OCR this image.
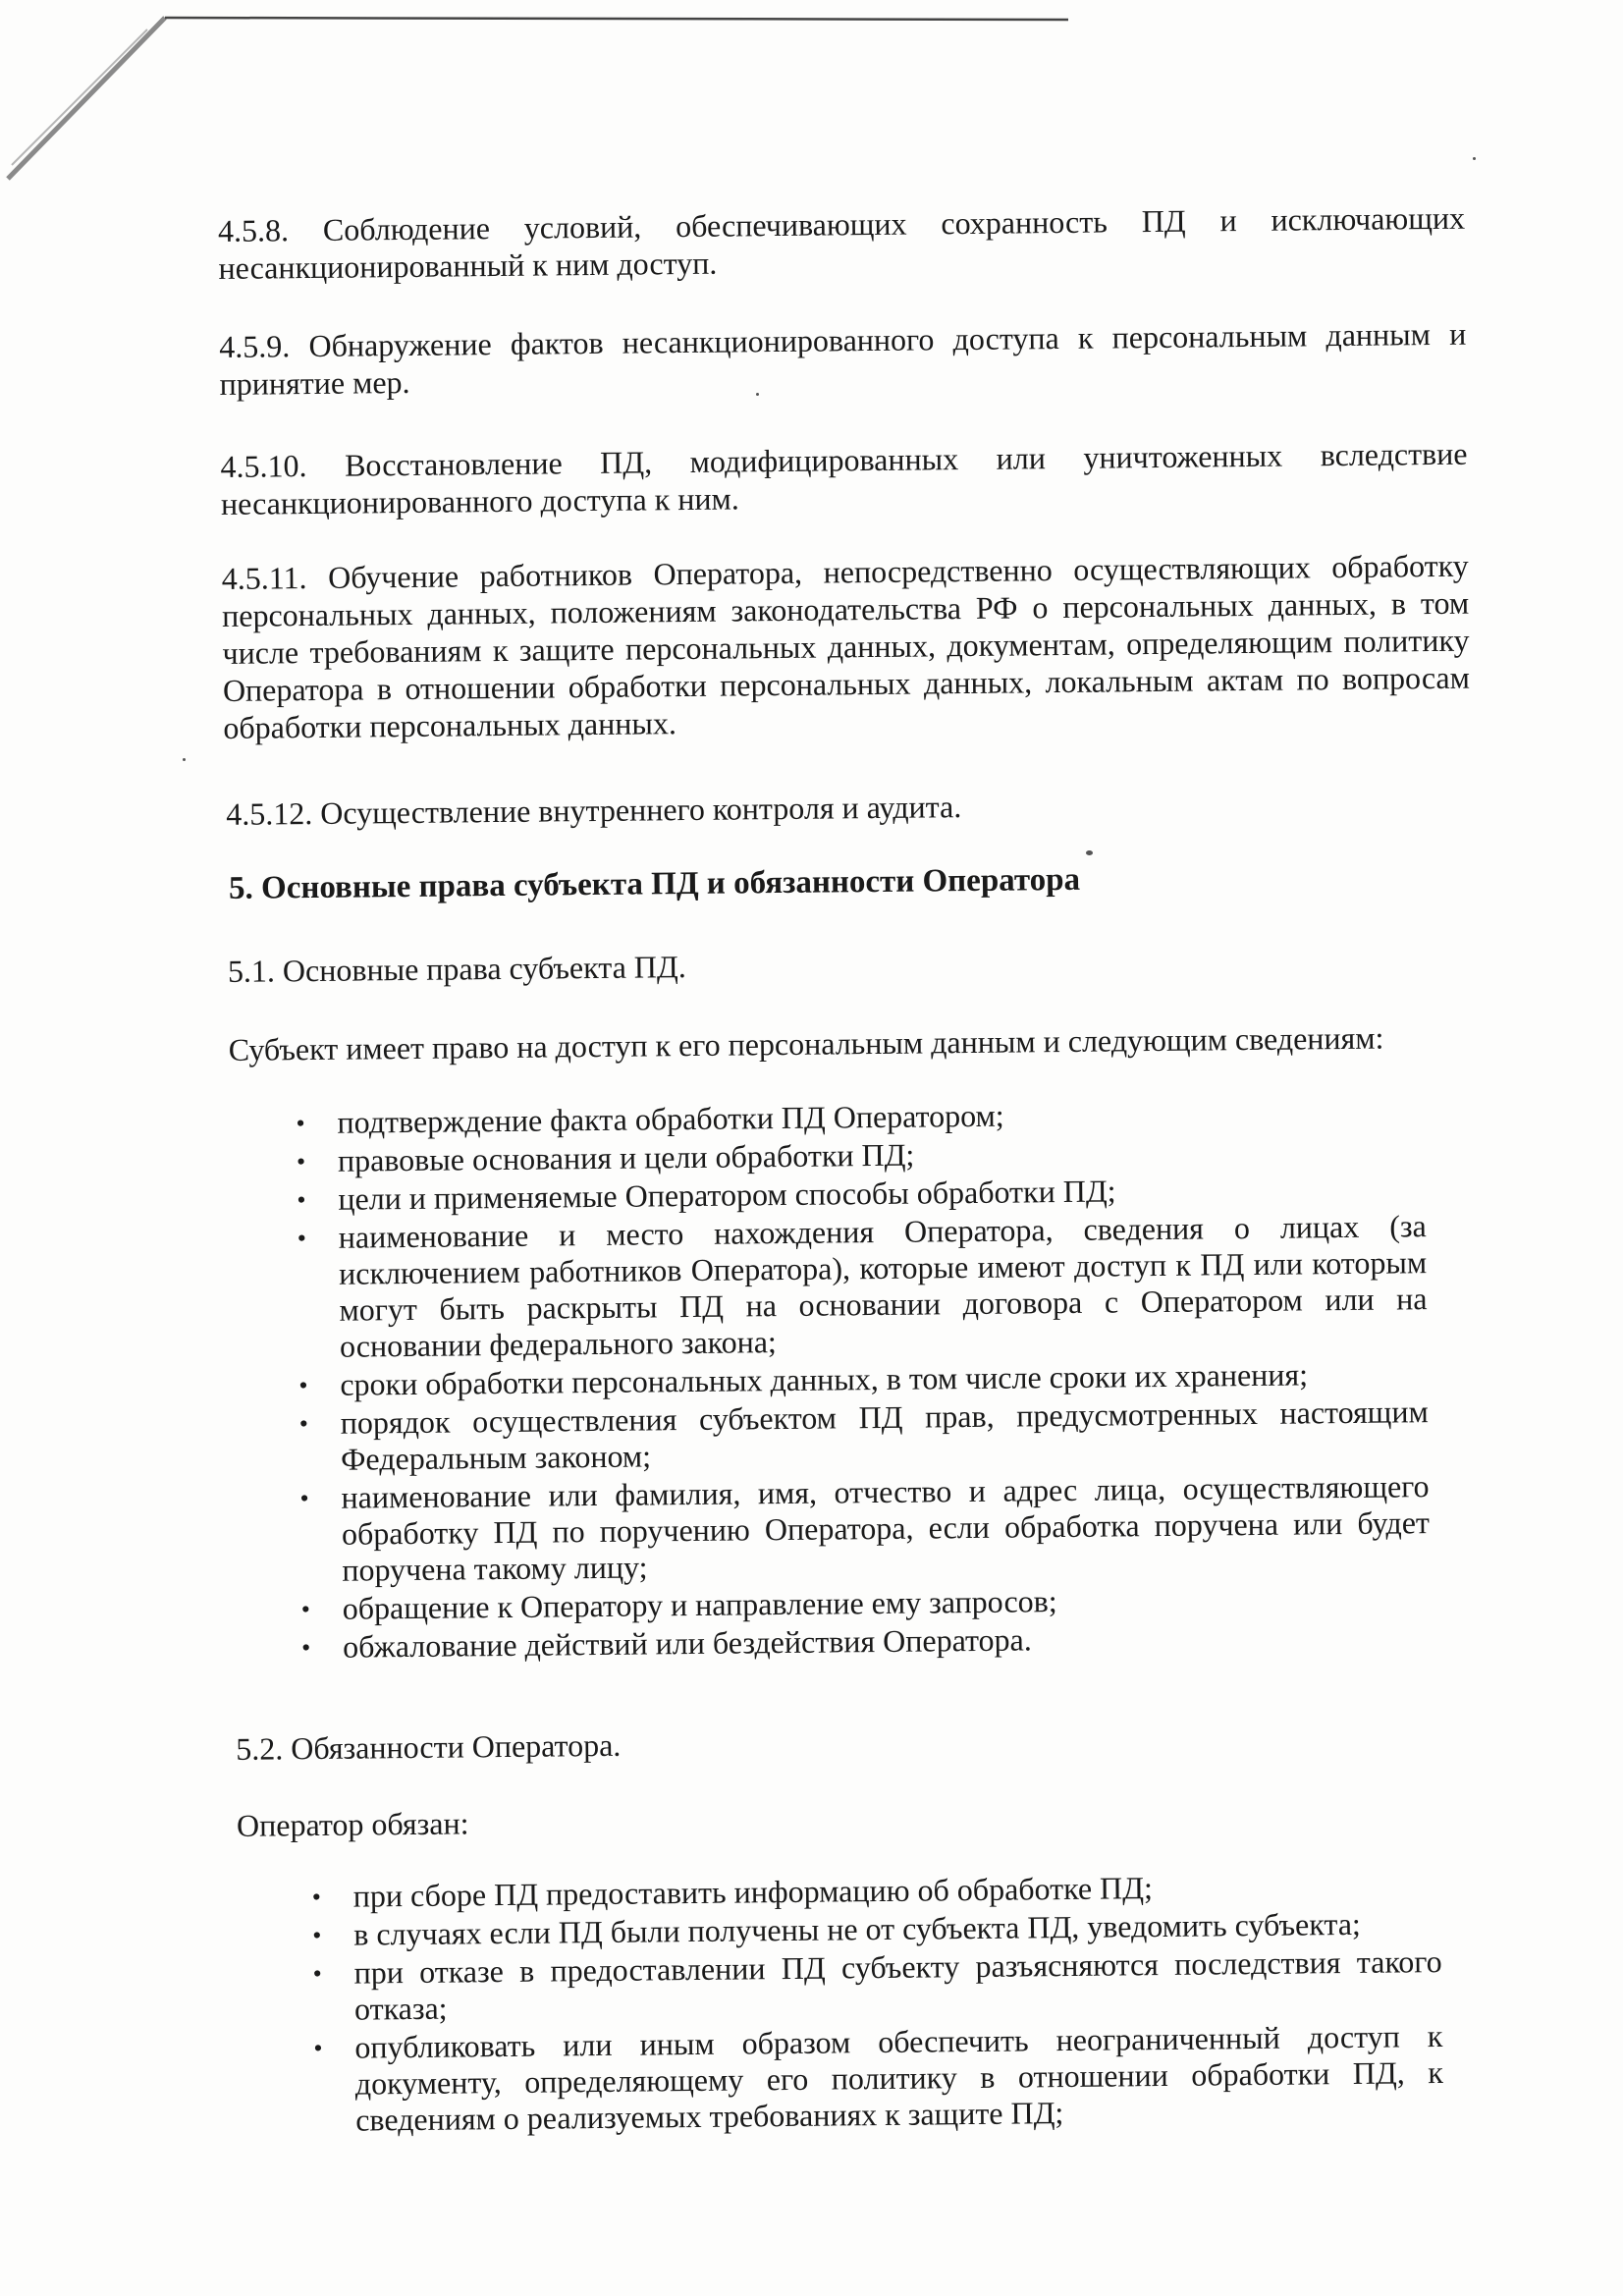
4.5.8. Соблюдение условий, обеспечивающих сохранность ПД и исключающих несанкционированный к ним доступ.
4.5.9. Обнаружение фактов несанкционированного доступа к персональным данным и принятие мер.
4.5.10. Восстановление ПД, модифицированных или уничтоженных вследствие несанкционированного доступа к ним.
4.5.11. Обучение работников Оператора, непосредственно осуществляющих обработку персональных данных, положениям законодательства РФ о персональных данных, в том числе требованиям к защите персональных данных, документам, определяющим политику Оператора в отношении обработки персональных данных, локальным актам по вопросам обработки персональных данных.
4.5.12. Осуществление внутреннего контроля и аудита.
5. Основные права субъекта ПД и обязанности Оператора
5.1. Основные права субъекта ПД.
Субъект имеет право на доступ к его персональным данным и следующим сведениям:
• подтверждение факта обработки ПД Оператором;
• правовые основания и цели обработки ПД;
• цели и применяемые Оператором способы обработки ПД;
• наименование и место нахождения Оператора, сведения о лицах (за исключением работников Оператора), которые имеют доступ к ПД или которым могут быть раскрыты ПД на основании договора с Оператором или на основании федерального закона;
• сроки обработки персональных данных, в том числе сроки их хранения;
• порядок осуществления субъектом ПД прав, предусмотренных настоящим Федеральным законом;
• наименование или фамилия, имя, отчество и адрес лица, осуществляющего обработку ПД по поручению Оператора, если обработка поручена или будет поручена такому лицу;
• обращение к Оператору и направление ему запросов;
• обжалование действий или бездействия Оператора.
5.2. Обязанности Оператора.
Оператор обязан:
• при сборе ПД предоставить информацию об обработке ПД;
• в случаях если ПД были получены не от субъекта ПД, уведомить субъекта;
• при отказе в предоставлении ПД субъекту разъясняются последствия такого отказа;
• опубликовать или иным образом обеспечить неограниченный доступ к документу, определяющему его политику в отношении обработки ПД, к сведениям о реализуемых требованиях к защите ПД;
